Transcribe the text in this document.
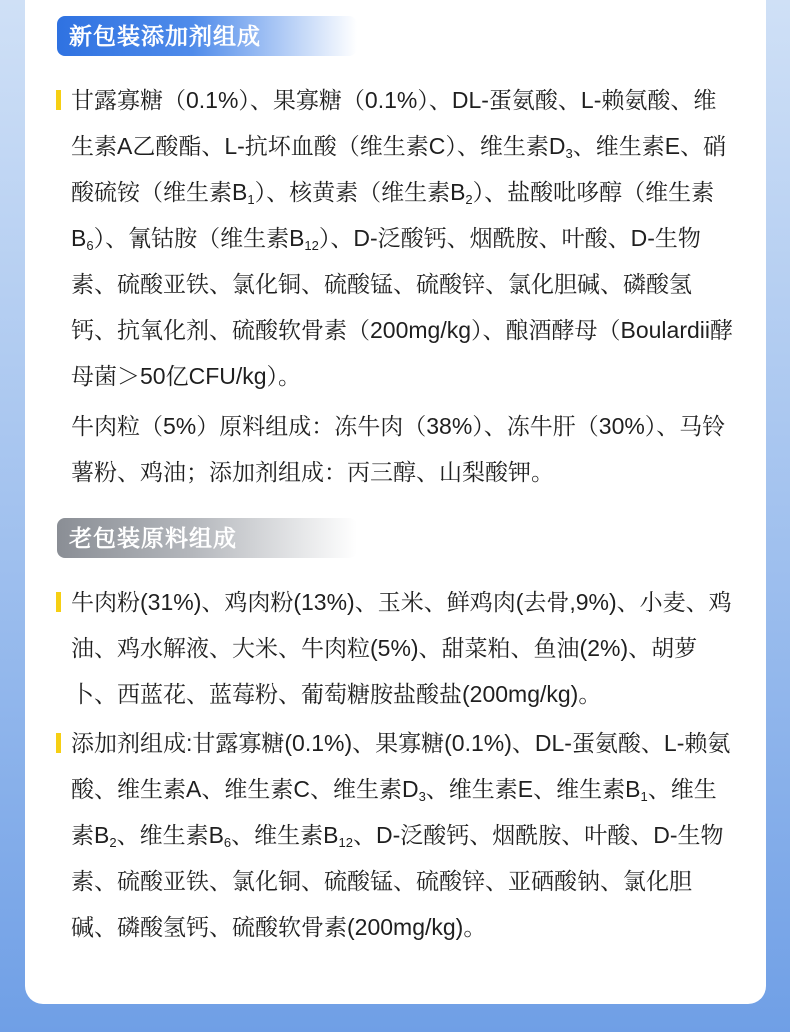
新包装添加剂组成

甘露寡糖（0.1%）、果寡糖（0.1%）、DL-蛋氨酸、L-赖氨酸、维生素A乙酸酯、L-抗坏血酸（维生素C）、维生素$D_3$、维生素E、硝酸硫铵（维生素$B_1$）、核黄素（维生素$B_2$）、盐酸吡哆醇（维生素$B_6$）、氰钴胺（维生素$B_{12}$）、D-泛酸钙、烟酰胺、叶酸、D-生物素、硫酸亚铁、氯化铜、硫酸锰、硫酸锌、氯化胆碱、磷酸氢钙、抗氧化剂、硫酸软骨素（200mg/kg）、酿酒酵母（Boulardii酵母菌＞50亿CFU/kg）。

牛肉粒（5%）原料组成：冻牛肉（38%）、冻牛肝（30%）、马铃薯粉、鸡油；添加剂组成：丙三醇、山梨酸钾。

老包装原料组成

牛肉粉(31%)、鸡肉粉(13%)、玉米、鲜鸡肉(去骨,9%)、小麦、鸡油、鸡水解液、大米、牛肉粒(5%)、甜菜粕、鱼油(2%)、胡萝卜、西蓝花、蓝莓粉、葡萄糖胺盐酸盐(200mg/kg)。

添加剂组成:甘露寡糖(0.1%)、果寡糖(0.1%)、DL-蛋氨酸、L-赖氨酸、维生素A、维生素C、维生素$D_3$、维生素E、维生素$B_1$、维生素$B_2$、维生素$B_6$、维生素$B_{12}$、D-泛酸钙、烟酰胺、叶酸、D-生物素、硫酸亚铁、氯化铜、硫酸锰、硫酸锌、亚硒酸钠、氯化胆碱、磷酸氢钙、硫酸软骨素(200mg/kg)。
